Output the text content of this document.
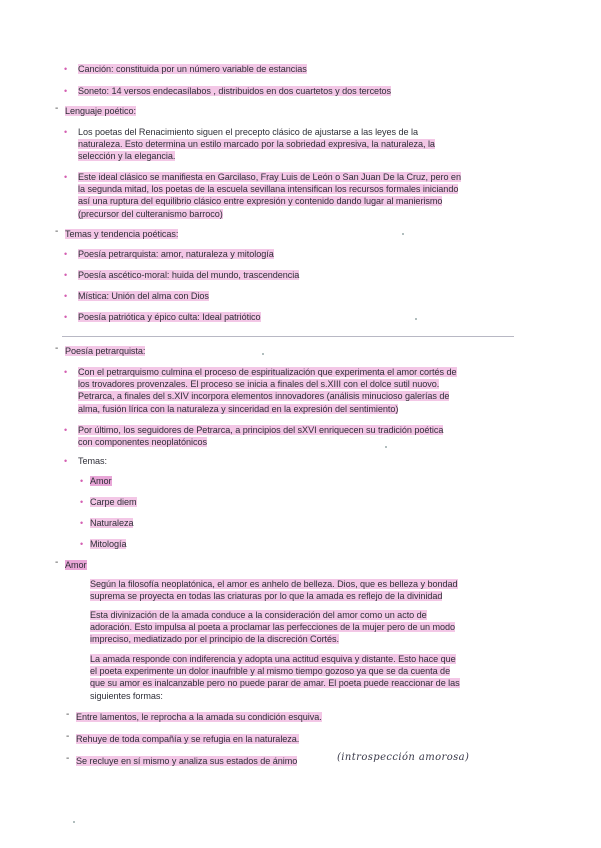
• Canción: constituida por un número variable de estancias
• Soneto: 14 versos endecasílabos , distribuidos en dos cuartetos y dos tercetos
- Lenguaje poético:
• Los poetas del Renacimiento siguen el precepto clásico de ajustarse a las leyes de la
naturaleza. Esto determina un estilo marcado por la sobriedad expresiva, la naturaleza, la
selección y la elegancia.
• Este ideal clásico se manifiesta en Garcilaso, Fray Luis de León o San Juan De la Cruz, pero en
la segunda mitad, los poetas de la escuela sevillana intensifican los recursos formales iniciando
así una ruptura del equilibrio clásico entre expresión y contenido dando lugar al manierismo
(precursor del culteranismo barroco)
- Temas y tendencia poéticas:
• Poesía petrarquista: amor, naturaleza y mitología
• Poesía ascético-moral: huida del mundo, trascendencia
• Mística: Unión del alma con Dios
• Poesía patriótica y épico culta: Ideal patriótico
- Poesía petrarquista:
• Con el petrarquismo culmina el proceso de espiritualización que experimenta el amor cortés de
los trovadores provenzales. El proceso se inicia a finales del s.XIII con el dolce sutil nuovo.
Petrarca, a finales del s.XIV incorpora elementos innovadores (análisis minucioso galerías de
alma, fusión lírica con la naturaleza y sinceridad en la expresión del sentimiento)
• Por último, los seguidores de Petrarca, a principios del sXVI enriquecen su tradición poética
con componentes neoplatónicos
• Temas:
• Amor
• Carpe diem
• Naturaleza
• Mitología
- Amor
Según la filosofía neoplatónica, el amor es anhelo de belleza. Dios, que es belleza y bondad
suprema se proyecta en todas las criaturas por lo que la amada es reflejo de la divinidad
Esta divinización de la amada conduce a la consideración del amor como un acto de
adoración. Esto impulsa al poeta a proclamar las perfecciones de la mujer pero de un modo
impreciso, mediatizado por el principio de la discreción Cortés.
La amada responde con indiferencia y adopta una actitud esquiva y distante. Esto hace que
el poeta experimente un dolor inaufrible y al mismo tiempo gozoso ya que se da cuenta de
que su amor es inalcanzable pero no puede parar de amar. El poeta puede reaccionar de las
siguientes formas:
- Entre lamentos, le reprocha a la amada su condición esquiva.
- Rehuye de toda compañía y se refugia en la naturaleza.
- Se recluye en sí mismo y analiza sus estados de ánimo	(introspección amorosa)
